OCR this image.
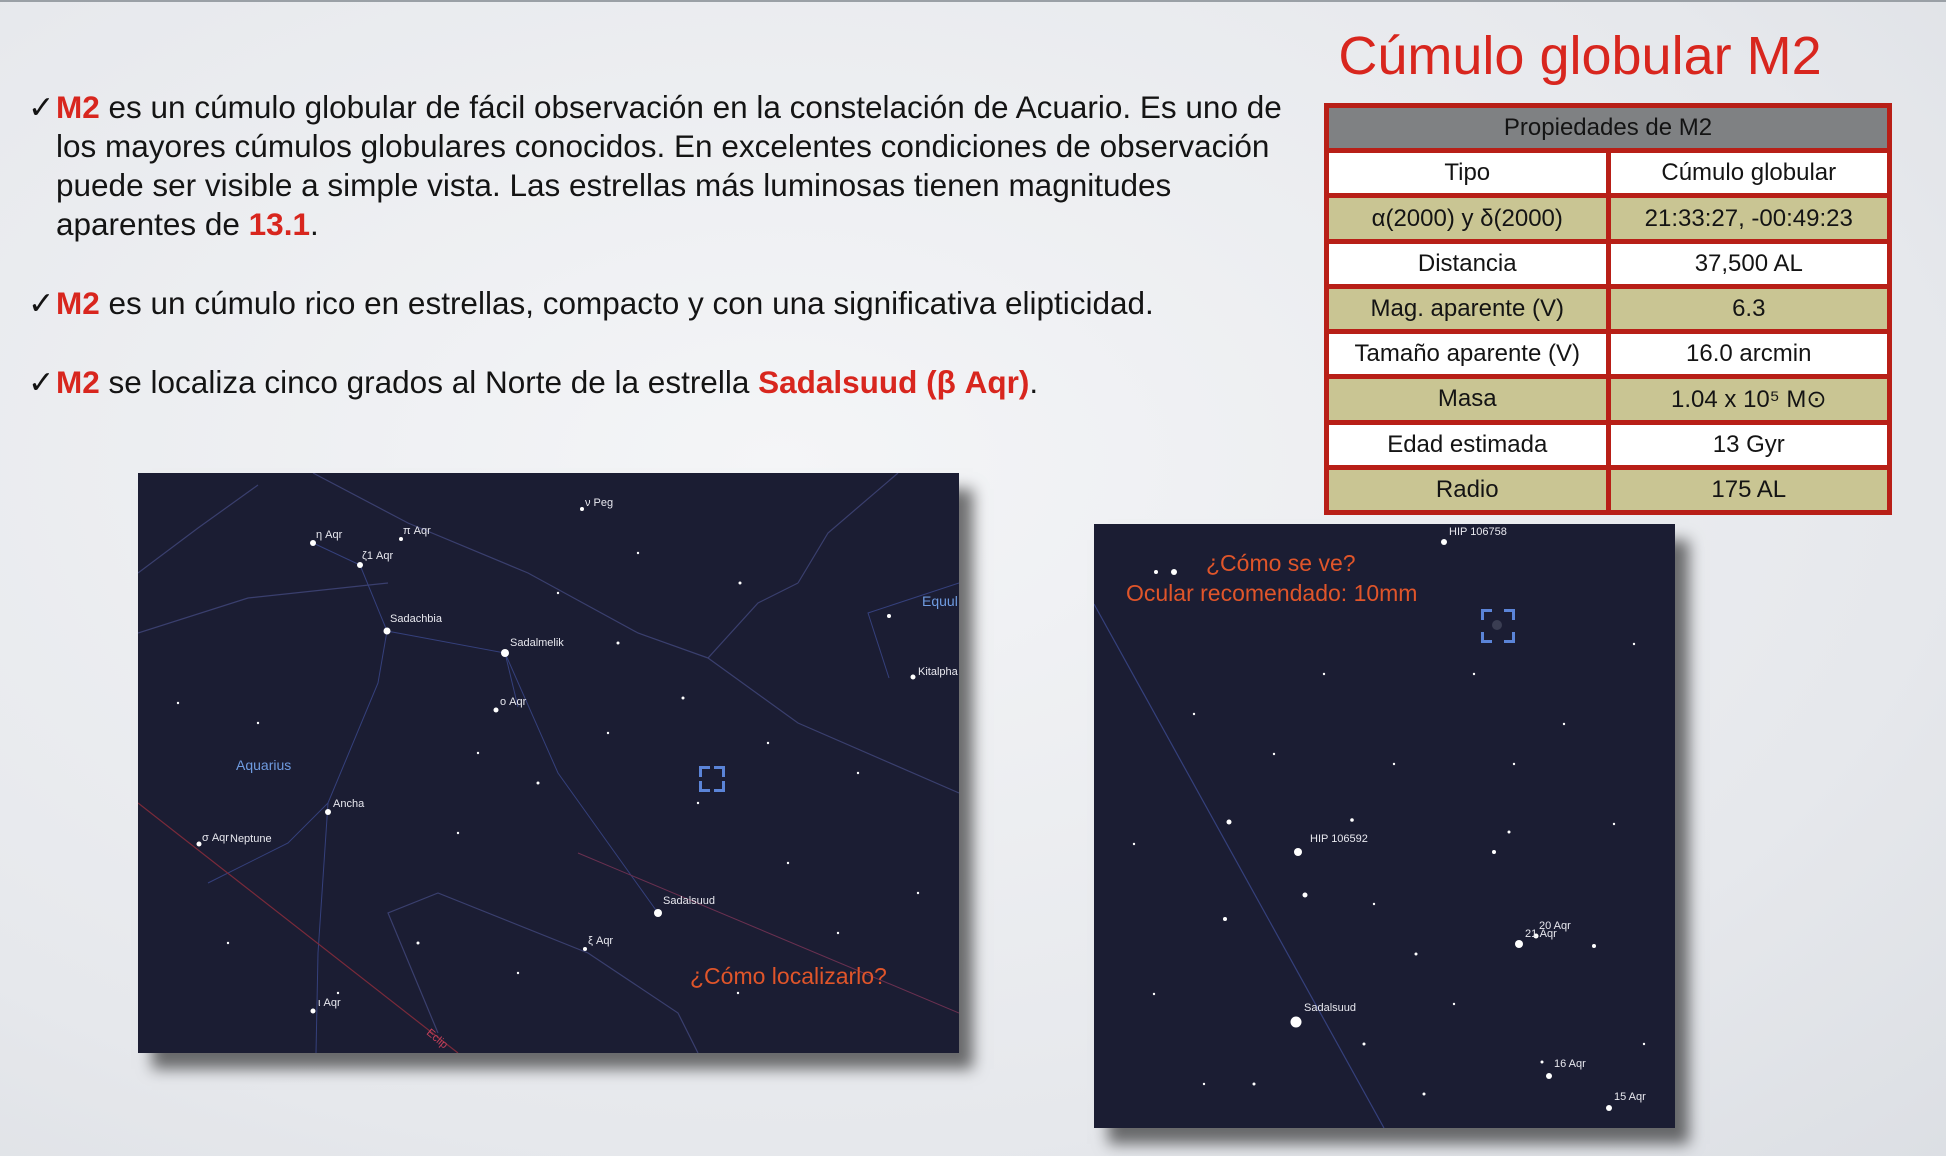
✓ M2 es un cúmulo globular de fácil observación en la constelación de Acuario. Es uno de los mayores cúmulos globulares conocidos. En excelentes condiciones de observación puede ser visible a simple vista. Las estrellas más luminosas tienen magnitudes aparentes de 13.1.
✓ M2 es un cúmulo rico en estrellas, compacto y con una significativa elipticidad.
✓ M2 se localiza cinco grados al Norte de la estrella Sadalsuud (β Aqr).
Cúmulo globular M2
Propiedades de M2
Tipo	Cúmulo globular
α(2000) y δ(2000)	21:33:27, -00:49:23
Distancia	37,500 AL
Mag. aparente (V)	6.3
Tamaño aparente (V)	16.0 arcmin
Masa	1.04 x 10⁵ M⊙
Edad estimada	13 Gyr
Radio	175 AL
η Aqr	π Aqr
ζ1 Aqr
ν Peg
Sadachbia
Sadalmelik
ο Aqr
Equul
Kitalpha
Aquarius
Ancha
σ Aqr Neptune
Sadalsuud
ξ Aqr
ι Aqr
Eclip
¿Cómo localizarlo?
HIP 106758
HIP 106592
20 Aqr
21 Aqr
Sadalsuud
16 Aqr
15 Aqr
¿Cómo se ve?
Ocular recomendado: 10mm
